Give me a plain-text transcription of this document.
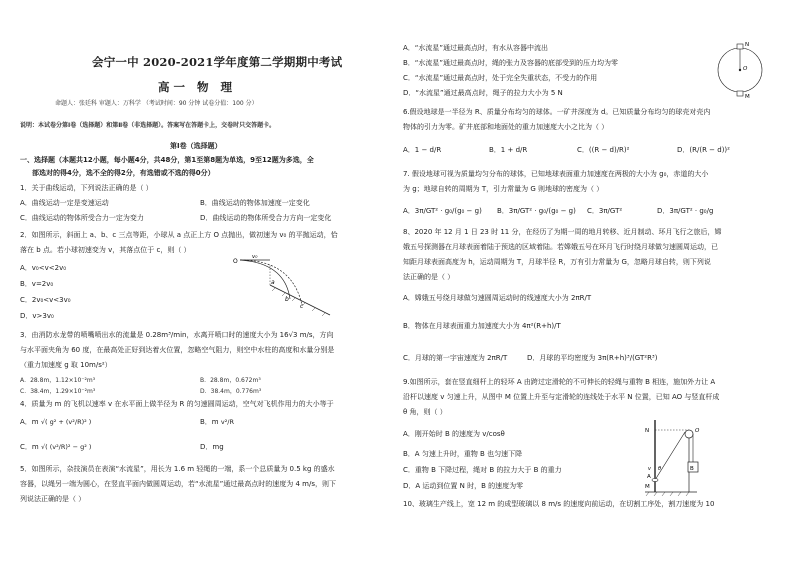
会宁一中 2020-2021学年度第二学期期中考试
高一 物 理
命题人：张廷科 审题人：万科学 （考试时间：90 分钟 试卷分值：100 分）
说明：本试卷分第Ⅰ卷（选择题）和第Ⅱ卷（非选择题）。答案写在答题卡上，交卷时只交答题卡。
第Ⅰ卷（选择题）
一、选择题（本题共12小题，每小题4分，共48分，第1至第8题为单选，9至12题为多选，全
部选对的得4分，选不全的得2分，有选错或不选的得0分）
1．关于曲线运动，下列说法正确的是（ ）
A．曲线运动一定是变速运动	B．曲线运动的物体加速度一定变化
C．曲线运动的物体所受合力一定为变力	D．曲线运动的物体所受合力方向一定变化
2．如图所示，斜面上 a、b、c 三点等距，小球从 a 点正上方 O 点抛出，做初速为 v₀ 的平抛运动，恰
落在 b 点。若小球初速变为 v，其落点位于 c，则（ ）
A．v₀<v<2v₀
B．v=2v₀
C．2v₀<v<3v₀
D．v>3v₀
O
v₀
a
b
c
3．由消防水龙带的喷嘴喷出水的流量是 0.28m³/min，水离开喷口时的速度大小为 16√3 m/s，方向
与水平面夹角为 60 度，在最高处正好到达着火位置，忽略空气阻力，则空中水柱的高度和水量分别是
（重力加速度 g 取 10m/s²）
A．28.8m，1.12×10⁻²m³	B．28.8m，0.672m³
C．38.4m，1.29×10⁻²m³	D．38.4m，0.776m³
4．质量为 m 的飞机以速率 v 在水平面上做半径为 R 的匀速圆周运动，空气对飞机作用力的大小等于
A．m √( g² + (v²/R)² )	B．m v²/R
C．m √( (v²/R)² − g² )	D．mg
5．如图所示，杂技演员在表演“水流星”，用长为 1.6 m 轻绳的一端，系一个总质量为 0.5 kg 的盛水
容器，以绳另一端为圆心，在竖直平面内做圆周运动，若“水流星”通过最高点时的速度为 4 m/s，则下
列说法正确的是（ ）
A．“水流星”通过最高点时，有水从容器中流出
B．“水流星”通过最高点时，绳的张力及容器的底部受到的压力均为零
C．“水流星”通过最高点时，处于完全失重状态，不受力的作用
D．“水流星”通过最高点时，绳子的拉力大小为 5 N
N
O
M
6.假设地球是一半径为 R、质量分布均匀的球体。一矿井深度为 d。已知质量分布均匀的球壳对壳内
物体的引力为零。矿井底部和地面处的重力加速度大小之比为（ ）
A．1 − d/R	B．1 + d/R	C．((R − d)/R)²	D．(R/(R − d))²
7. 假设地球可视为质量均匀分布的球体，已知地球表面重力加速度在两极的大小为 g₀，赤道的大小
为 g；地球自转的周期为 T，引力常量为 G 则地球的密度为（ ）
A．3π/GT² · g₀/(g₀ − g) B．3π/GT² · g₀/(g₀ − g) C．3π/GT²	D．3π/GT² · g₀/g
8、2020 年 12 月 1 日 23 时 11 分，在经历了为期一周的地月转移、近月制动、环月飞行之旅后，嫦
娥五号探测器在月球表面着陆于预选的区域着陆。若嫦娥五号在环月飞行时绕月球做匀速圆周运动，已
知距月球表面高度为 h，运动周期为 T，月球半径 R，万有引力常量为 G，忽略月球自转，则下列说
法正确的是（ ）
A．嫦娥五号绕月球做匀速圆周运动时的线速度大小为 2πR/T
B．物体在月球表面重力加速度大小为 4π²(R+h)/T
C．月球的第一宇宙速度为 2πR/T	D．月球的平均密度为 3π(R+h)³/(GT²R³)
9.如图所示，套在竖直细杆上的轻环 A 由跨过定滑轮的不可伸长的轻绳与重物 B 相连，施加外力让 A
沿杆以速度 v 匀速上升，从图中 M 位置上升至与定滑轮的连线处于水平 N 位置，已知 AO 与竖直杆成
θ 角，则（ ）
A．刚开始时 B 的速度为 v/cosθ
B．A 匀速上升时，重物 B 也匀速下降
C．重物 B 下降过程，绳对 B 的拉力大于 B 的重力
D．A 运动到位置 N 时，B 的速度为零
N	O
A
B
M
θ
v
10、玻璃生产线上，宽 12 m 的成型玻璃以 8 m/s 的速度向前运动，在切割工序处，割刀速度为 10
